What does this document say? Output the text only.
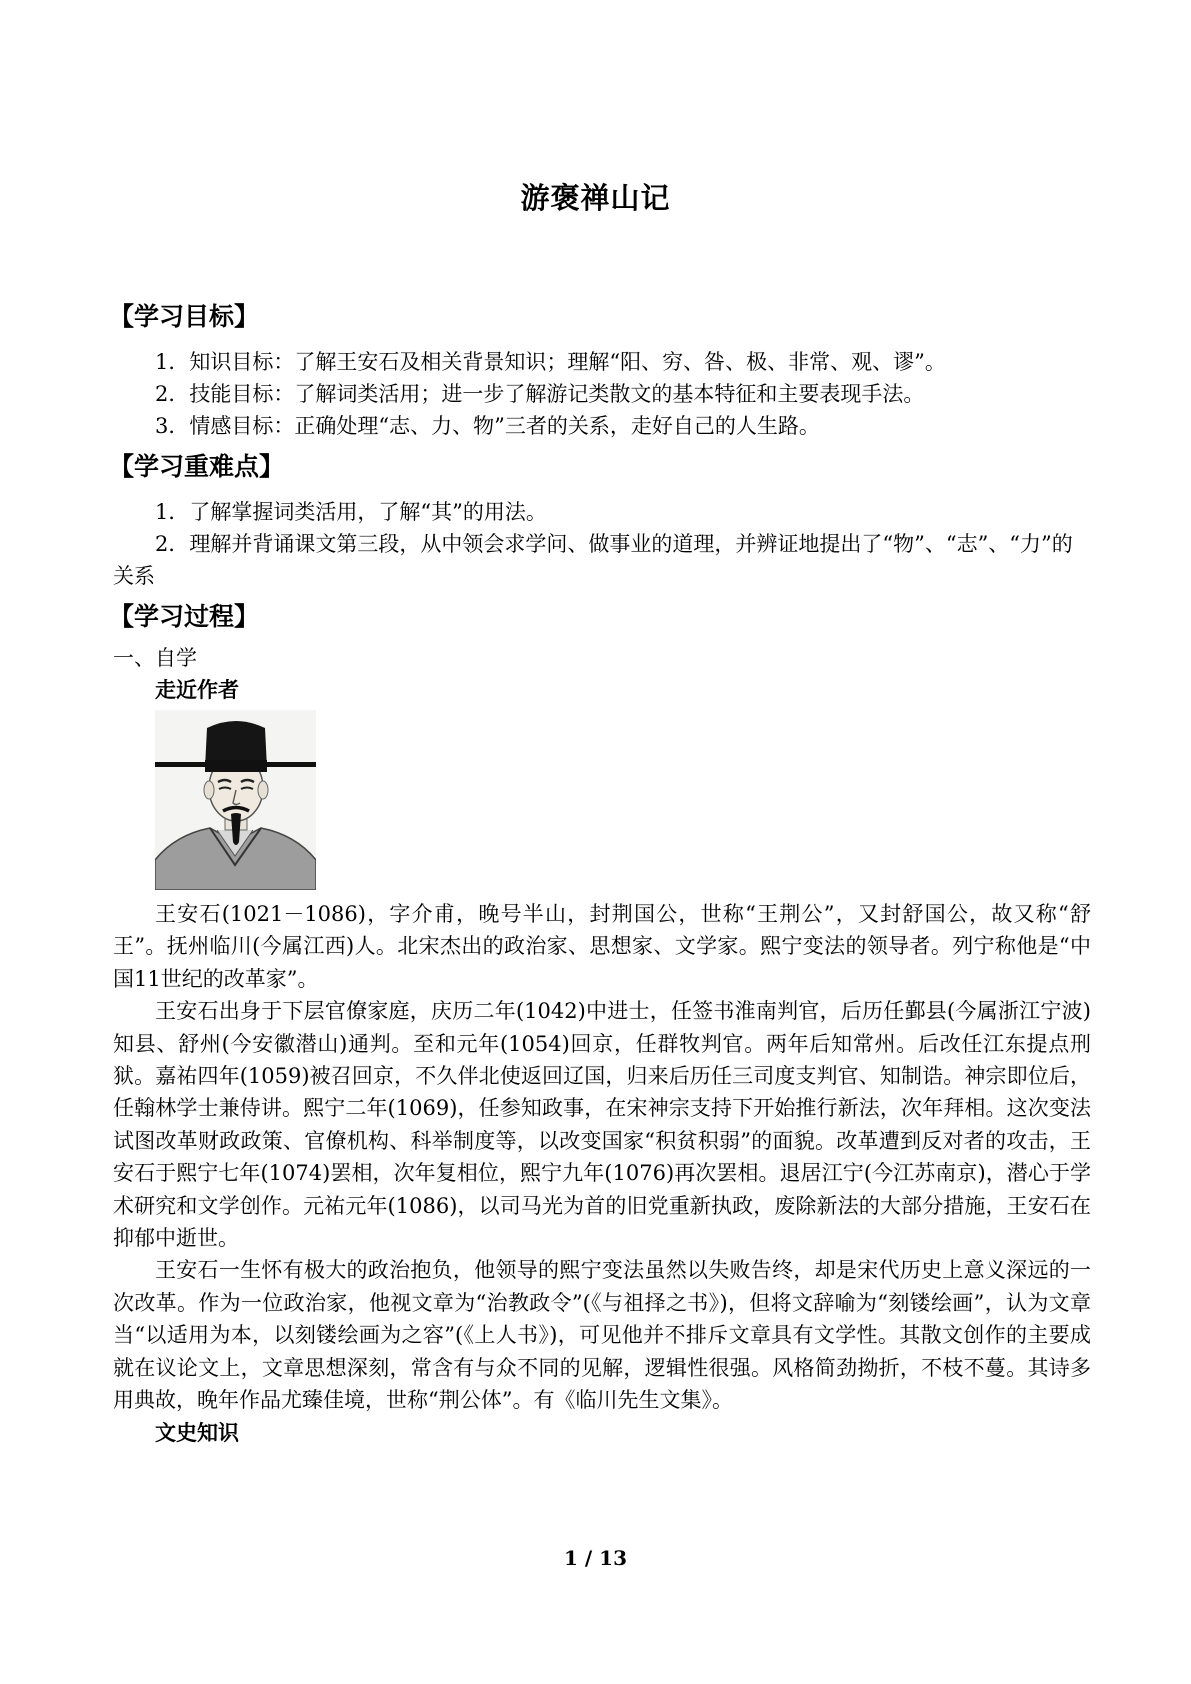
游褒禅山记
【学习目标】

1．知识目标：了解王安石及相关背景知识；理解“阳、穷、咎、极、非常、观、谬”。

2．技能目标：了解词类活用；进一步了解游记类散文的基本特征和主要表现手法。

3．情感目标：正确处理“志、力、物”三者的关系，走好自己的人生路。

【学习重难点】

1．了解掌握词类活用，了解“其”的用法。

2．理解并背诵课文第三段，从中领会求学问、做事业的道理，并辨证地提出了“物”、“志”、“力”的关系

【学习过程】

一、自学

走近作者

王安石(1021－1086)，字介甫，晚号半山，封荆国公，世称“王荆公”，又封舒国公，故又称“舒王”。抚州临川(今属江西)人。北宋杰出的政治家、思想家、文学家。熙宁变法的领导者。列宁称他是“中国11世纪的改革家”。

王安石出身于下层官僚家庭，庆历二年(1042)中进士，任签书淮南判官，后历任鄞县(今属浙江宁波)知县、舒州(今安徽潜山)通判。至和元年(1054)回京，任群牧判官。两年后知常州。后改任江东提点刑狱。嘉祐四年(1059)被召回京，不久伴北使返回辽国，归来后历任三司度支判官、知制诰。神宗即位后，任翰林学士兼侍讲。熙宁二年(1069)，任参知政事，在宋神宗支持下开始推行新法，次年拜相。这次变法试图改革财政政策、官僚机构、科举制度等，以改变国家“积贫积弱”的面貌。改革遭到反对者的攻击，王安石于熙宁七年(1074)罢相，次年复相位，熙宁九年(1076)再次罢相。退居江宁(今江苏南京)，潜心于学术研究和文学创作。元祐元年(1086)，以司马光为首的旧党重新执政，废除新法的大部分措施，王安石在抑郁中逝世。

王安石一生怀有极大的政治抱负，他领导的熙宁变法虽然以失败告终，却是宋代历史上意义深远的一次改革。作为一位政治家，他视文章为“治教政令”(《与祖择之书》)，但将文辞喻为“刻镂绘画”，认为文章当“以适用为本，以刻镂绘画为之容”(《上人书》)，可见他并不排斥文章具有文学性。其散文创作的主要成就在议论文上，文章思想深刻，常含有与众不同的见解，逻辑性很强。风格简劲拗折，不枝不蔓。其诗多用典故，晚年作品尤臻佳境，世称“荆公体”。有《临川先生文集》。

文史知识

1 / 13
